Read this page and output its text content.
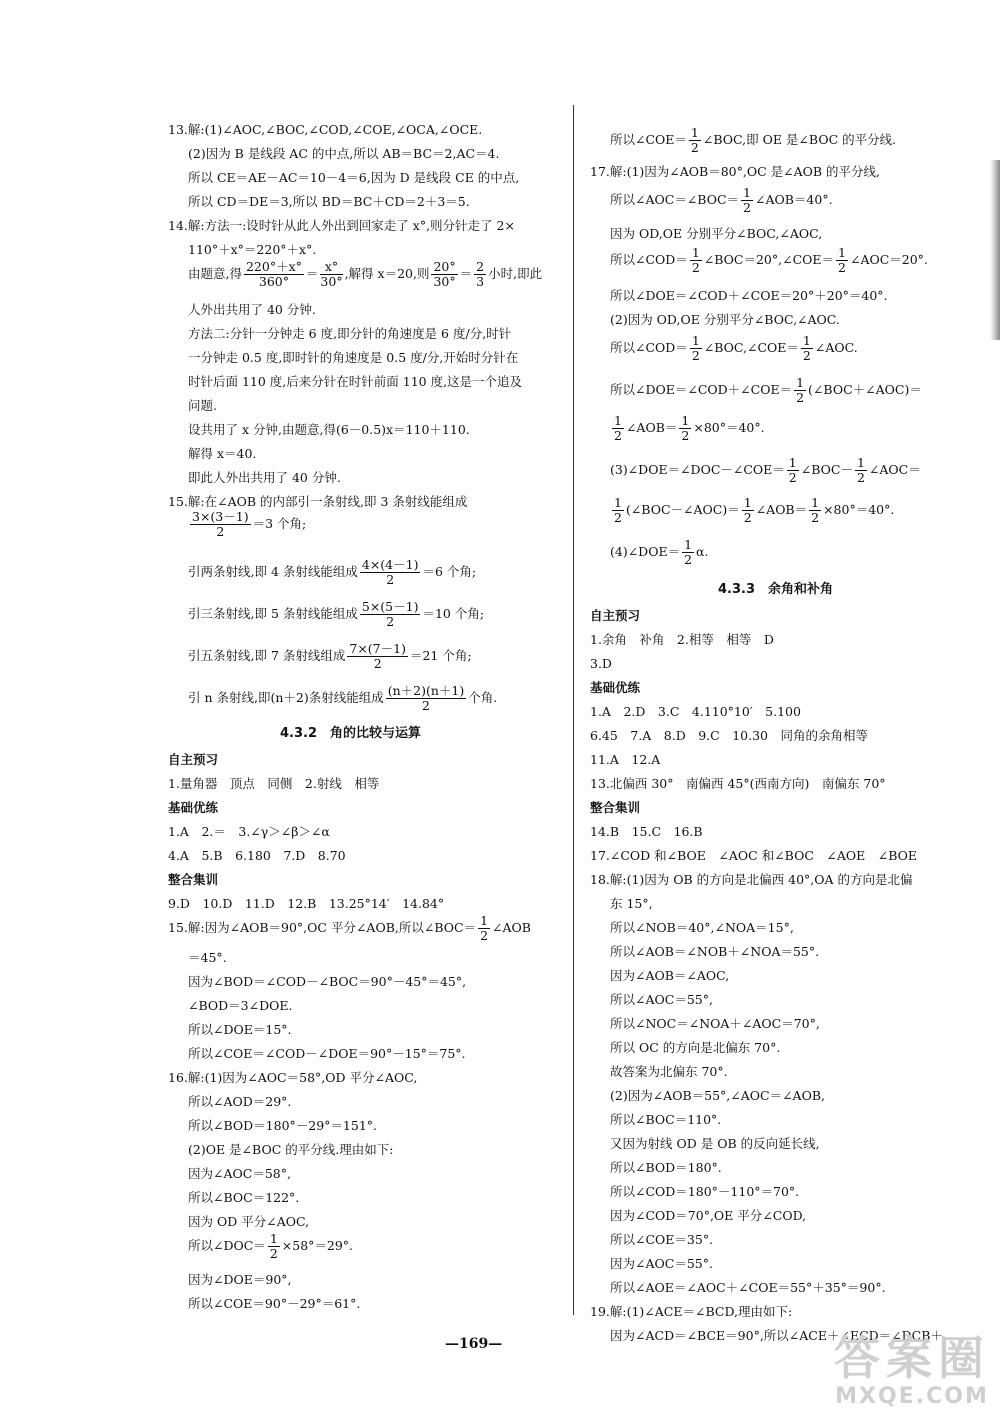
13.解:(1)∠AOC,∠BOC,∠COD,∠COE,∠OCA,∠OCE.
(2)因为 B 是线段 AC 的中点,所以 AB＝BC＝2,AC＝4.
所以 CE＝AE－AC＝10－4＝6,因为 D 是线段 CE 的中点,
所以 CD＝DE＝3,所以 BD＝BC＋CD＝2＋3＝5.
14.解:方法一:设时针从此人外出到回家走了 x°,则分针走了 2×
110°＋x°＝220°＋x°.
由题意,得 $\frac{220^\circ+x^\circ}{360^\circ} = \frac{x^\circ}{30^\circ}$ ,解得 x＝20,则 $\frac{20^\circ}{30^\circ} = \frac{2}{3}$ 小时,即此
人外出共用了 40 分钟.
方法二:分针一分钟走 6 度,即分针的角速度是 6 度/分,时针
一分钟走 0.5 度,即时针的角速度是 0.5 度/分,开始时分针在
时针后面 110 度,后来分针在时针前面 110 度,这是一个追及
问题.
设共用了 x 分钟,由题意,得(6－0.5)x＝110＋110.
解得 x＝40.
即此人外出共用了 40 分钟.
15.解:在∠AOB 的内部引一条射线,即 3 条射线能组成
$\frac{3\times(3-1)}{2} =3$ 个角;
引两条射线,即 4 条射线能组成 $\frac{4\times(4-1)}{2} =6$ 个角;
引三条射线,即 5 条射线能组成 $\frac{5\times(5-1)}{2} =10$ 个角;
引五条射线,即 7 条射线组成 $\frac{7\times(7-1)}{2} =21$ 个角;
引 n 条射线,即(n＋2)条射线能组成 $\frac{(n+2)(n+1)}{2}$ 个角.
4.3.2　角的比较与运算
自主预习
1.量角器　顶点　同侧　2.射线　相等
基础优练
1.A　2.＝　3.∠γ＞∠β＞∠α
4.A　5.B　6.180　7.D　8.70
整合集训
9.D　10.D　11.D　12.B　13.25°14′　14.84°
15.解:因为∠AOB＝90°,OC 平分∠AOB,所以∠BOC＝ $\frac{1}{2}$ ∠AOB
＝45°.
因为∠BOD＝∠COD－∠BOC＝90°－45°＝45°,
∠BOD＝3∠DOE.
所以∠DOE＝15°.
所以∠COE＝∠COD－∠DOE＝90°－15°＝75°.
16.解:(1)因为∠AOC＝58°,OD 平分∠AOC,
所以∠AOD＝29°.
所以∠BOD＝180°－29°＝151°.
(2)OE 是∠BOC 的平分线.理由如下:
因为∠AOC＝58°,
所以∠BOC＝122°.
因为 OD 平分∠AOC,
所以∠DOC＝ $\frac{1}{2} \times 58^\circ=29^\circ$.
因为∠DOE＝90°,
所以∠COE＝90°－29°＝61°.
所以∠COE＝ $\frac{1}{2}$ ∠BOC,即 OE 是∠BOC 的平分线.
17.解:(1)因为∠AOB＝80°,OC 是∠AOB 的平分线,
所以∠AOC＝∠BOC＝ $\frac{1}{2}$ ∠AOB＝40°.
因为 OD,OE 分别平分∠BOC,∠AOC,
所以∠COD＝ $\frac{1}{2}$ ∠BOC＝20°,∠COE＝ $\frac{1}{2}$ ∠AOC＝20°.
所以∠DOE＝∠COD＋∠COE＝20°＋20°＝40°.
(2)因为 OD,OE 分别平分∠BOC,∠AOC.
所以∠COD＝ $\frac{1}{2}$ ∠BOC,∠COE＝ $\frac{1}{2}$ ∠AOC.
所以∠DOE＝∠COD＋∠COE＝ $\frac{1}{2}$ (∠BOC＋∠AOC)＝
$\frac{1}{2}$ ∠AOB＝ $\frac{1}{2} \times 80^\circ=40^\circ$.
(3)∠DOE＝∠DOC－∠COE＝ $\frac{1}{2}$ ∠BOC－ $\frac{1}{2}$ ∠AOC＝
$\frac{1}{2}$ (∠BOC－∠AOC)＝ $\frac{1}{2}$ ∠AOB＝ $\frac{1}{2} \times 80^\circ=40^\circ$.
(4)∠DOE＝ $\frac{1}{2} \alpha$.
4.3.3　余角和补角
自主预习
1.余角　补角　2.相等　相等　D
3.D
基础优练
1.A　2.D　3.C　4.110°10′　5.100
6.45　7.A　8.D　9.C　10.30　同角的余角相等
11.A　12.A
13.北偏西 30°　南偏西 45°(西南方向)　南偏东 70°
整合集训
14.B　15.C　16.B
17.∠COD 和∠BOE　∠AOC 和∠BOC　∠AOE　∠BOE
18.解:(1)因为 OB 的方向是北偏西 40°,OA 的方向是北偏
东 15°,
所以∠NOB＝40°,∠NOA＝15°,
所以∠AOB＝∠NOB＋∠NOA＝55°.
因为∠AOB＝∠AOC,
所以∠AOC＝55°,
所以∠NOC＝∠NOA＋∠AOC＝70°,
所以 OC 的方向是北偏东 70°.
故答案为北偏东 70°.
(2)因为∠AOB＝55°,∠AOC＝∠AOB,
所以∠BOC＝110°.
又因为射线 OD 是 OB 的反向延长线,
所以∠BOD＝180°.
所以∠COD＝180°－110°＝70°.
因为∠COD＝70°,OE 平分∠COD,
所以∠COE＝35°.
因为∠AOC＝55°.
所以∠AOE＝∠AOC＋∠COE＝55°＋35°＝90°.
19.解:(1)∠ACE＝∠BCD,理由如下:
因为∠ACD＝∠BCE＝90°,所以∠ACE＋∠ECD＝∠DCB＋
—169—	答案圈
MXQE.COM
